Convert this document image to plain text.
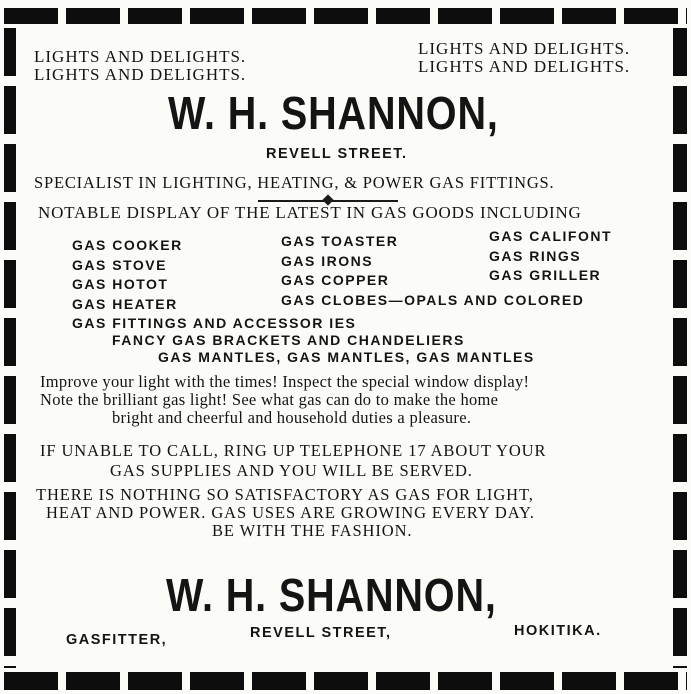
LIGHTS AND DELIGHTS.
LIGHTS AND DELIGHTS.
LIGHTS AND DELIGHTS.
LIGHTS AND DELIGHTS.
W. H. SHANNON,
REVELL STREET.
SPECIALIST IN LIGHTING, HEATING, & POWER GAS FITTINGS.
NOTABLE DISPLAY OF THE LATEST IN GAS GOODS INCLUDING
GAS COOKER
GAS STOVE
GAS HOTOT
GAS HEATER
GAS TOASTER
GAS IRONS
GAS COPPER
GAS CLOBES—OPALS AND COLORED
GAS CALIFONT
GAS RINGS
GAS GRILLER
GAS FITTINGS AND ACCESSOR IES
FANCY GAS BRACKETS AND CHANDELIERS
GAS MANTLES, GAS MANTLES, GAS MANTLES
Improve your light with the times! Inspect the special window display!
Note the brilliant gas light! See what gas can do to make the home
bright and cheerful and household duties a pleasure.
IF UNABLE TO CALL, RING UP TELEPHONE 17 ABOUT YOUR
GAS SUPPLIES AND YOU WILL BE SERVED.
THERE IS NOTHING SO SATISFACTORY AS GAS FOR LIGHT,
HEAT AND POWER. GAS USES ARE GROWING EVERY DAY.
BE WITH THE FASHION.
W. H. SHANNON,
GASFITTER,	REVELL STREET,	HOKITIKA.
